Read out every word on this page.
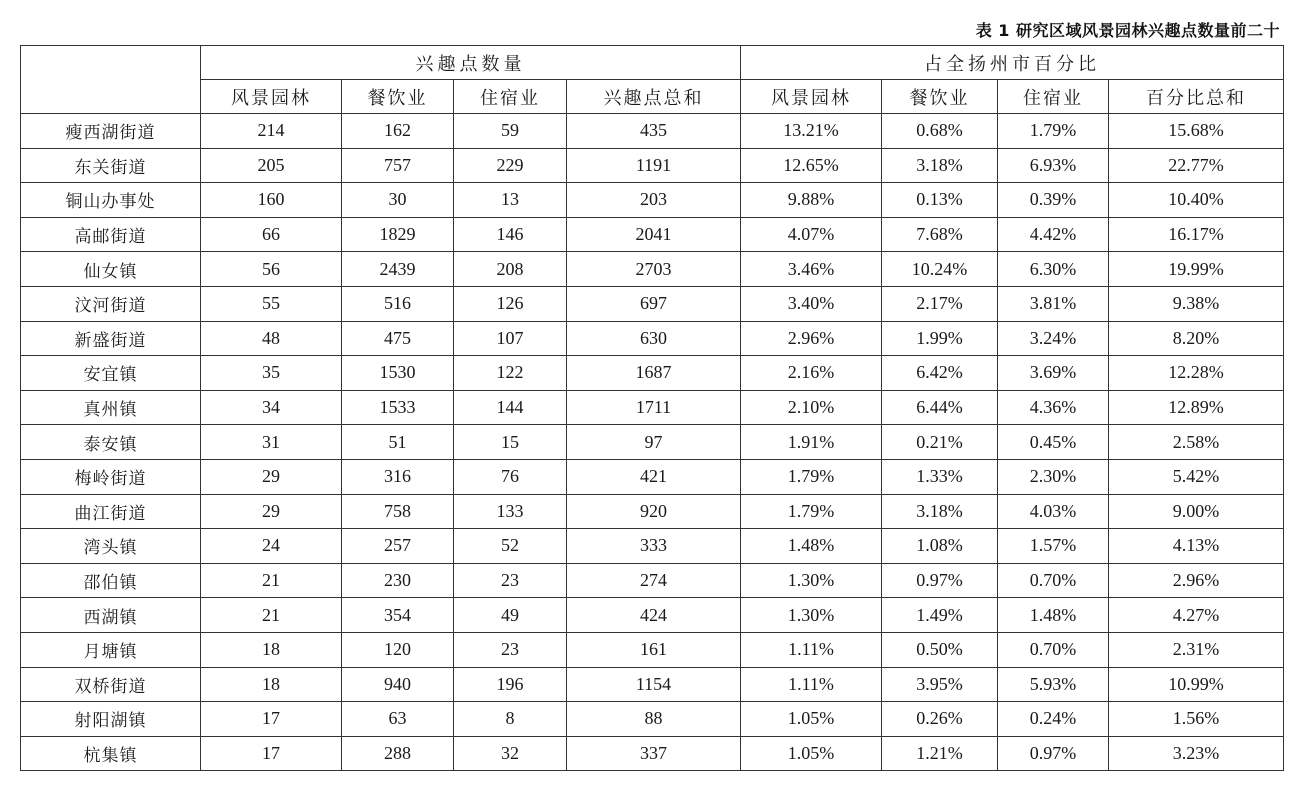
表 1 研究区域风景园林兴趣点数量前二十
	兴趣点数量				占全扬州市百分比			
	风景园林	餐饮业	住宿业	兴趣点总和	风景园林	餐饮业	住宿业	百分比总和
瘦西湖街道	214	162	59	435	13.21%	0.68%	1.79%	15.68%
东关街道	205	757	229	1191	12.65%	3.18%	6.93%	22.77%
铜山办事处	160	30	13	203	9.88%	0.13%	0.39%	10.40%
高邮街道	66	1829	146	2041	4.07%	7.68%	4.42%	16.17%
仙女镇	56	2439	208	2703	3.46%	10.24%	6.30%	19.99%
汶河街道	55	516	126	697	3.40%	2.17%	3.81%	9.38%
新盛街道	48	475	107	630	2.96%	1.99%	3.24%	8.20%
安宜镇	35	1530	122	1687	2.16%	6.42%	3.69%	12.28%
真州镇	34	1533	144	1711	2.10%	6.44%	4.36%	12.89%
泰安镇	31	51	15	97	1.91%	0.21%	0.45%	2.58%
梅岭街道	29	316	76	421	1.79%	1.33%	2.30%	5.42%
曲江街道	29	758	133	920	1.79%	3.18%	4.03%	9.00%
湾头镇	24	257	52	333	1.48%	1.08%	1.57%	4.13%
邵伯镇	21	230	23	274	1.30%	0.97%	0.70%	2.96%
西湖镇	21	354	49	424	1.30%	1.49%	1.48%	4.27%
月塘镇	18	120	23	161	1.11%	0.50%	0.70%	2.31%
双桥街道	18	940	196	1154	1.11%	3.95%	5.93%	10.99%
射阳湖镇	17	63	8	88	1.05%	0.26%	0.24%	1.56%
杭集镇	17	288	32	337	1.05%	1.21%	0.97%	3.23%
